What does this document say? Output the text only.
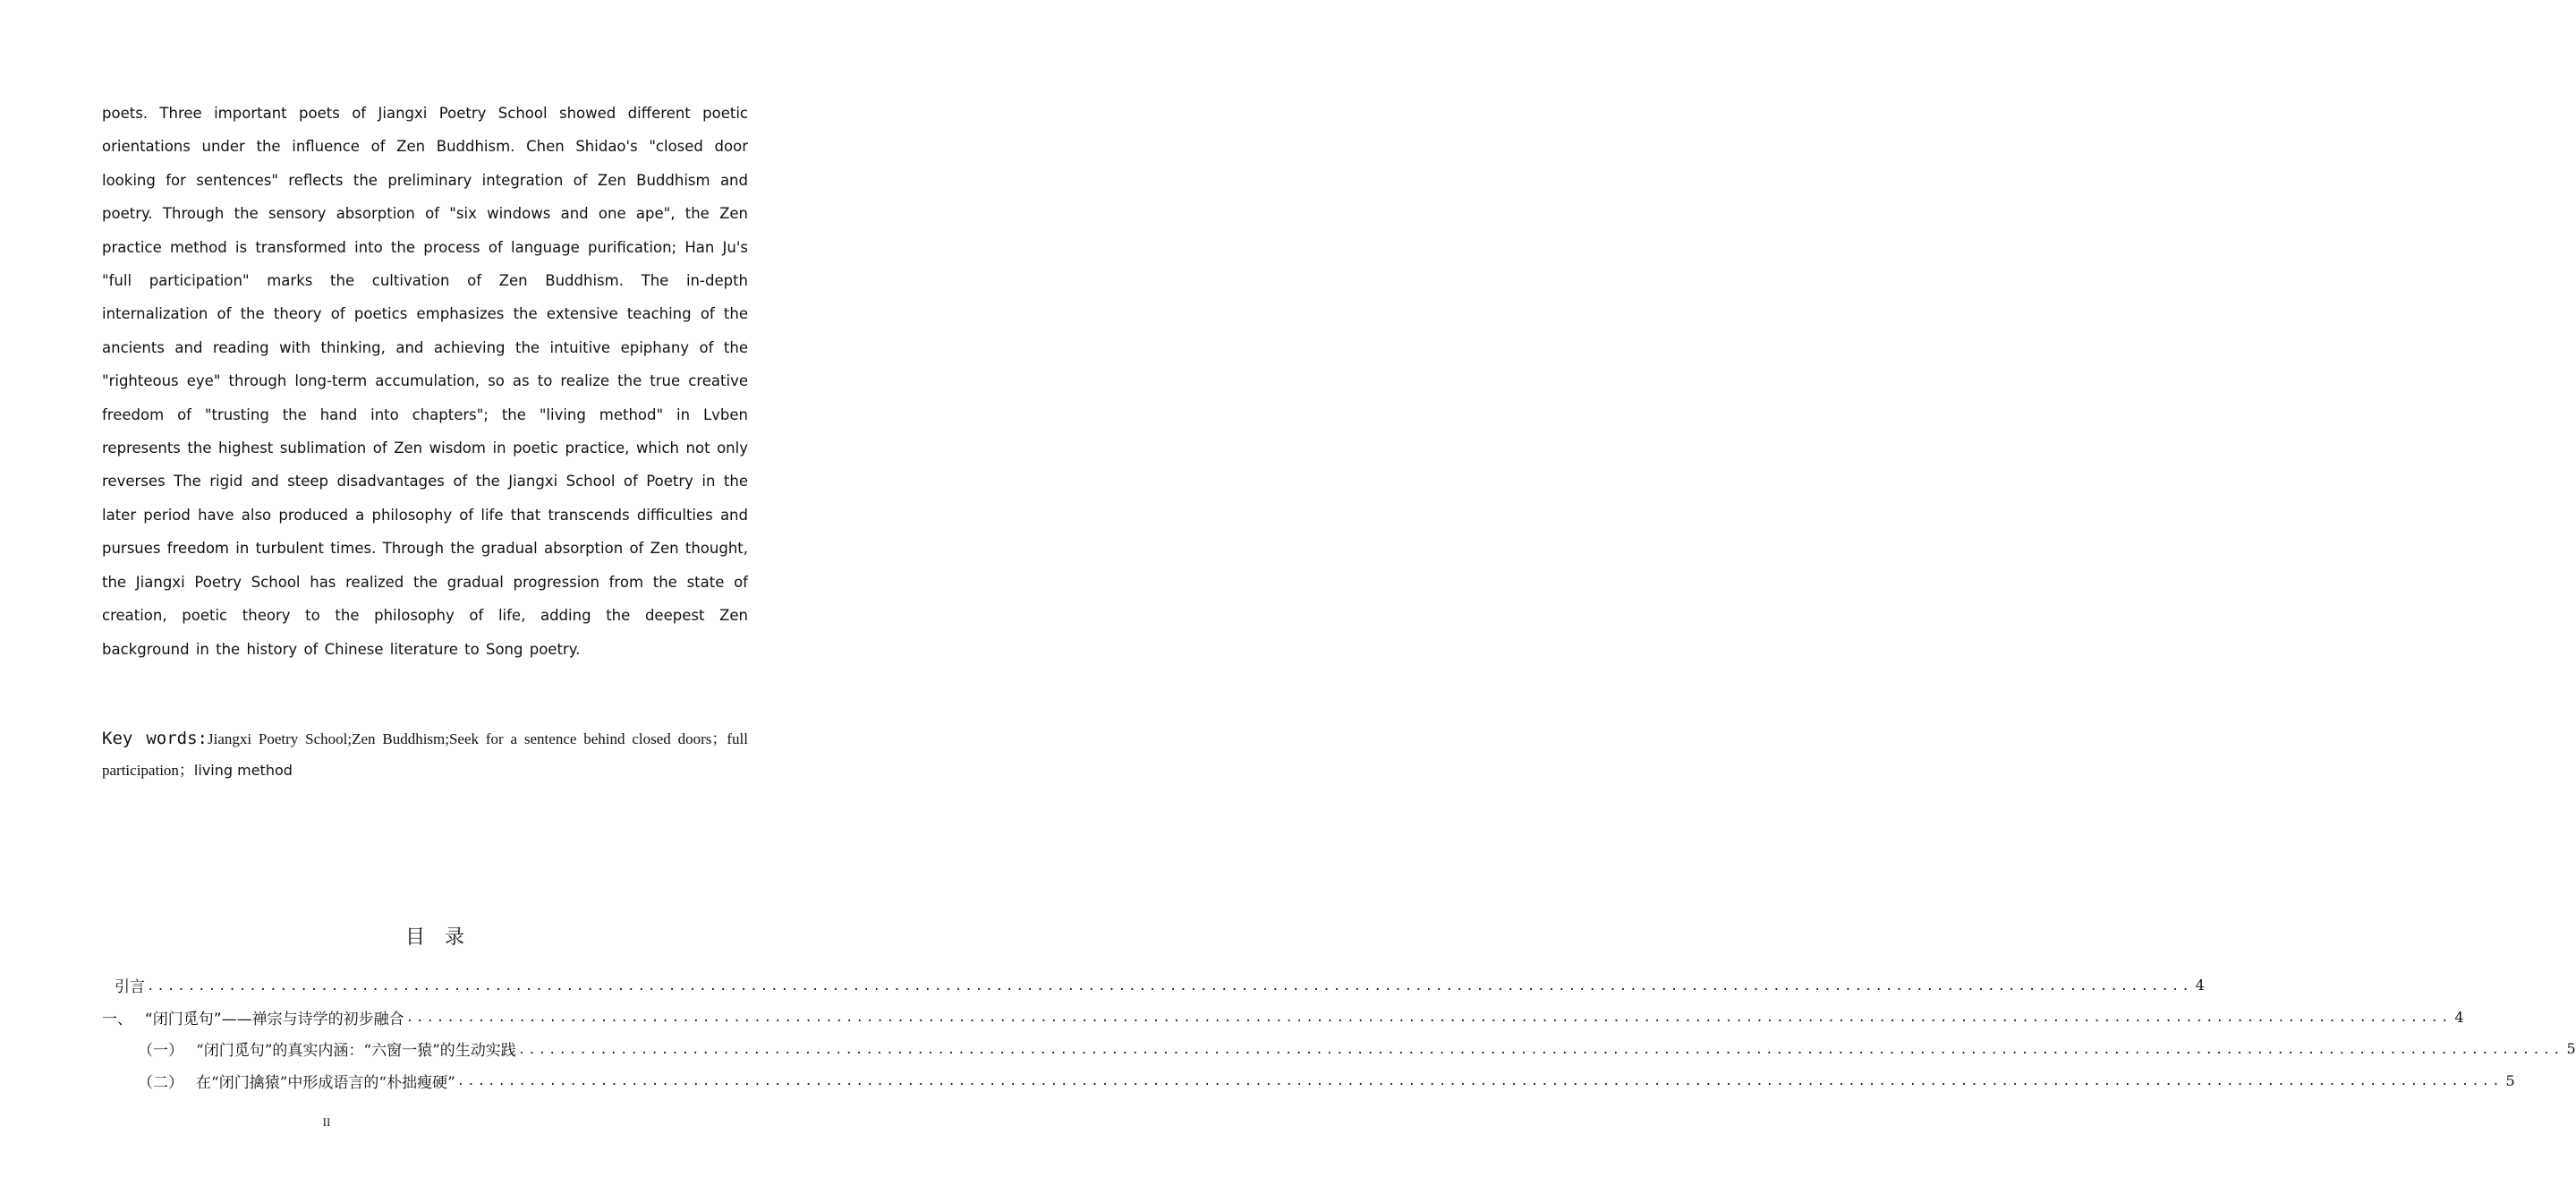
poets. Three important poets of Jiangxi Poetry School showed different poetic orientations under the influence of Zen Buddhism. Chen Shidao's "closed door looking for sentences" reflects the preliminary integration of Zen Buddhism and poetry. Through the sensory absorption of "six windows and one ape", the Zen practice method is transformed into the process of language purification; Han Ju's "full participation" marks the cultivation of Zen Buddhism. The in-depth internalization of the theory of poetics emphasizes the extensive teaching of the ancients and reading with thinking, and achieving the intuitive epiphany of the "righteous eye" through long-term accumulation, so as to realize the true creative freedom of "trusting the hand into chapters"; the "living method" in Lvben represents the highest sublimation of Zen wisdom in poetic practice, which not only reverses The rigid and steep disadvantages of the Jiangxi School of Poetry in the later period have also produced a philosophy of life that transcends difficulties and pursues freedom in turbulent times. Through the gradual absorption of Zen thought, the Jiangxi Poetry School has realized the gradual progression from the state of creation, poetic theory to the philosophy of life, adding the deepest Zen background in the history of Chinese literature to Song poetry.

Key words:Jiangxi Poetry School;Zen Buddhism;Seek for a sentence behind closed doors；full participation；living method

目录
引言 ........................................................................................................................................................................................................ 4
一、 “闭门觅句”——禅宗与诗学的初步融合 ........................................................................................................................................................................................................ 4
（一） “闭门觅句”的真实内涵：“六窗一猿”的生动实践 ........................................................................................................................................................................................................ 5
（二） 在“闭门擒猿”中形成语言的“朴拙瘦硬” ........................................................................................................................................................................................................ 5
II
